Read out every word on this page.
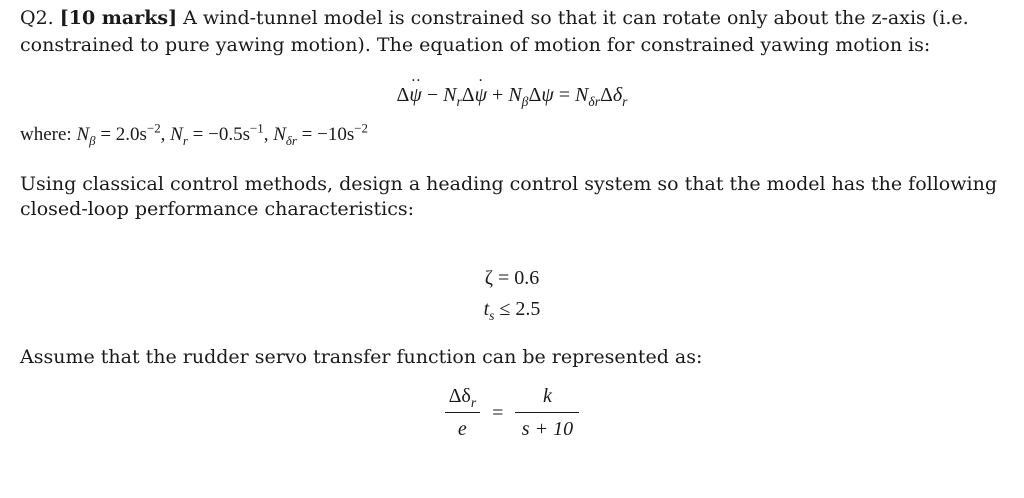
Q2. [10 marks] A wind-tunnel model is constrained so that it can rotate only about the z-axis (i.e.
constrained to pure yawing motion). The equation of motion for constrained yawing motion is:
Δψ .. − $N_r\Delta\psi$ . + $N_\beta\Delta\psi = N_{\delta r}\Delta\delta_r$
where: $N_\beta = 2.0s^{-2}$, $N_r = -0.5s^{-1}$, $N_{\delta r} = -10s^{-2}$
Using classical control methods, design a heading control system so that the model has the following
closed-loop performance characteristics:
ζ = 0.6
$t_s \le 2.5$
Assume that the rudder servo transfer function can be represented as:
$\frac{\Delta\delta_r}{e} = \frac{k}{s + 10}$
